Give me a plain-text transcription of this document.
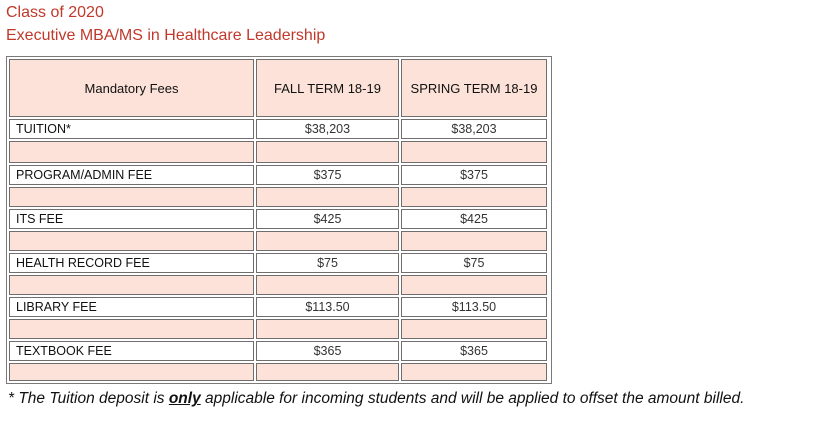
Class of 2020
Executive MBA/MS in Healthcare Leadership
Mandatory Fees	FALL TERM 18-19	SPRING TERM 18-19
TUITION*	$38,203	$38,203
PROGRAM/ADMIN FEE	$375	$375
ITS FEE	$425	$425
HEALTH RECORD FEE	$75	$75
LIBRARY FEE	$113.50	$113.50
TEXTBOOK FEE	$365	$365
* The Tuition deposit is only applicable for incoming students and will be applied to offset the amount billed.
